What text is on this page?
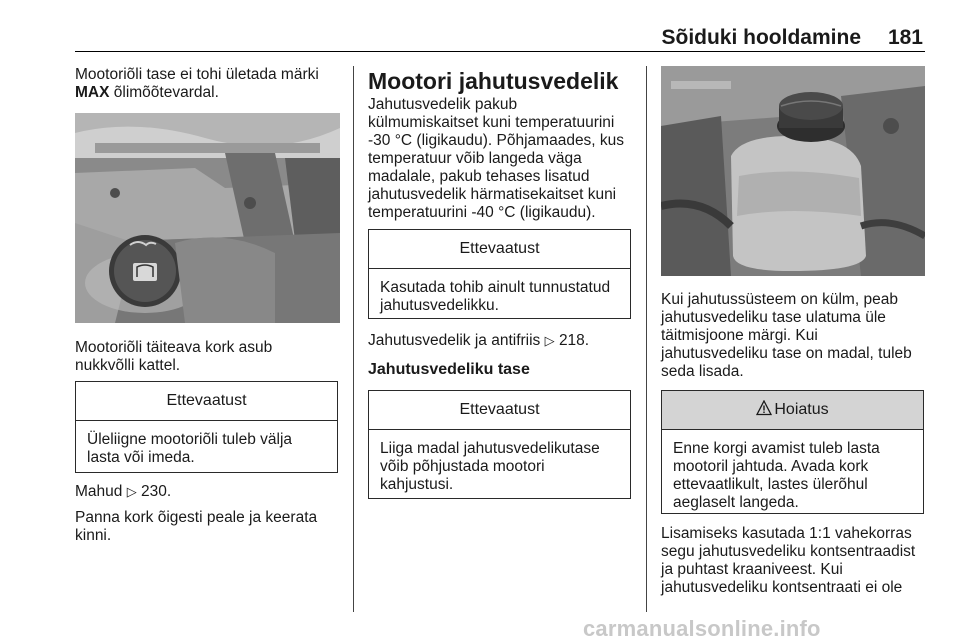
Sõiduki hooldamine 181

Mootoriõli tase ei tohi ületada märki
MAX õlimõõtevardal.

Mootoriõli täiteava kork asub
nukkvõlli kattel.

Ettevaatust
Üleliigne mootoriõli tuleb välja
lasta või imeda.

Mahud ▷ 230.

Panna kork õigesti peale ja keerata
kinni.

Mootori jahutusvedelik
Jahutusvedelik pakub
külmumiskaitset kuni temperatuurini
-30 °C (ligikaudu). Põhjamaades, kus
temperatuur võib langeda väga
madalale, pakub tehases lisatud
jahutusvedelik härmatisekaitset kuni
temperatuurini -40 °C (ligikaudu).
Ettevaatust
Kasutada tohib ainult tunnustatud
jahutusvedelikku.

Jahutusvedelik ja antifriis ▷ 218.

Jahutusvedeliku tase
Ettevaatust
Liiga madal jahutusvedelikutase
võib põhjustada mootori
kahjustusi.
Kui jahutussüsteem on külm, peab
jahutusvedeliku tase ulatuma üle
täitmisjoone märgi. Kui
jahutusvedeliku tase on madal, tuleb
seda lisada.
Hoiatus
Enne korgi avamist tuleb lasta
mootoril jahtuda. Avada kork
ettevaatlikult, lastes ülerõhul
aeglaselt langeda.
Lisamiseks kasutada 1:1 vahekorras
segu jahutusvedeliku kontsentraadist
ja puhtast kraaniveest. Kui
jahutusvedeliku kontsentraati ei ole
carmanualsonline.info
